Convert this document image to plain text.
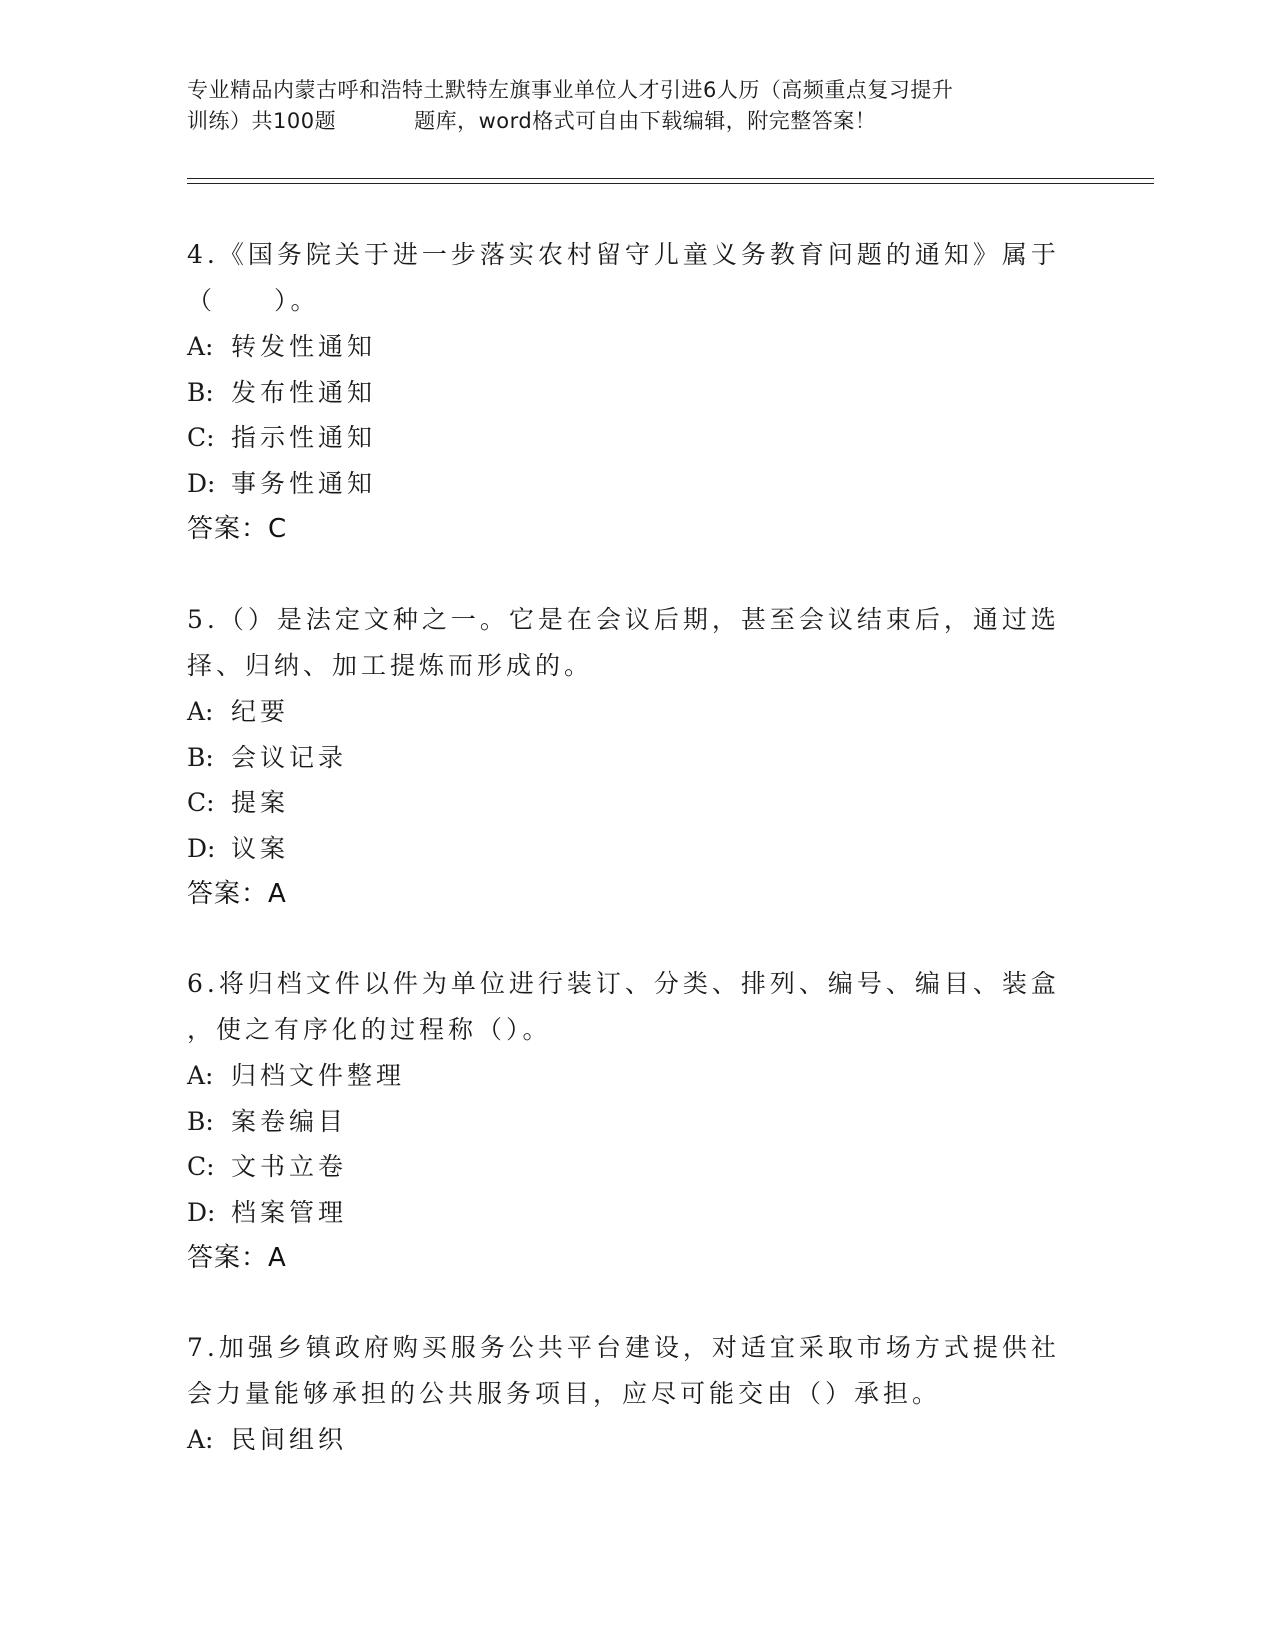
专业精品内蒙古呼和浩特土默特左旗事业单位人才引进6人历（高频重点复习提升
训练）共100题	题库，word格式可自由下载编辑，附完整答案！

4.《国务院关于进一步落实农村留守儿童义务教育问题的通知》属于

（　　）。

A: 转发性通知

B: 发布性通知

C: 指示性通知

D: 事务性通知

答案：C

5.（）是法定文种之一。它是在会议后期，甚至会议结束后，通过选

择、归纳、加工提炼而形成的。

A: 纪要

B: 会议记录

C: 提案

D: 议案

答案：A

6.将归档文件以件为单位进行装订、分类、排列、编号、编目、装盒

，使之有序化的过程称（）。

A: 归档文件整理

B: 案卷编目

C: 文书立卷

D: 档案管理

答案：A

7.加强乡镇政府购买服务公共平台建设，对适宜采取市场方式提供社

会力量能够承担的公共服务项目，应尽可能交由（）承担。

A: 民间组织
